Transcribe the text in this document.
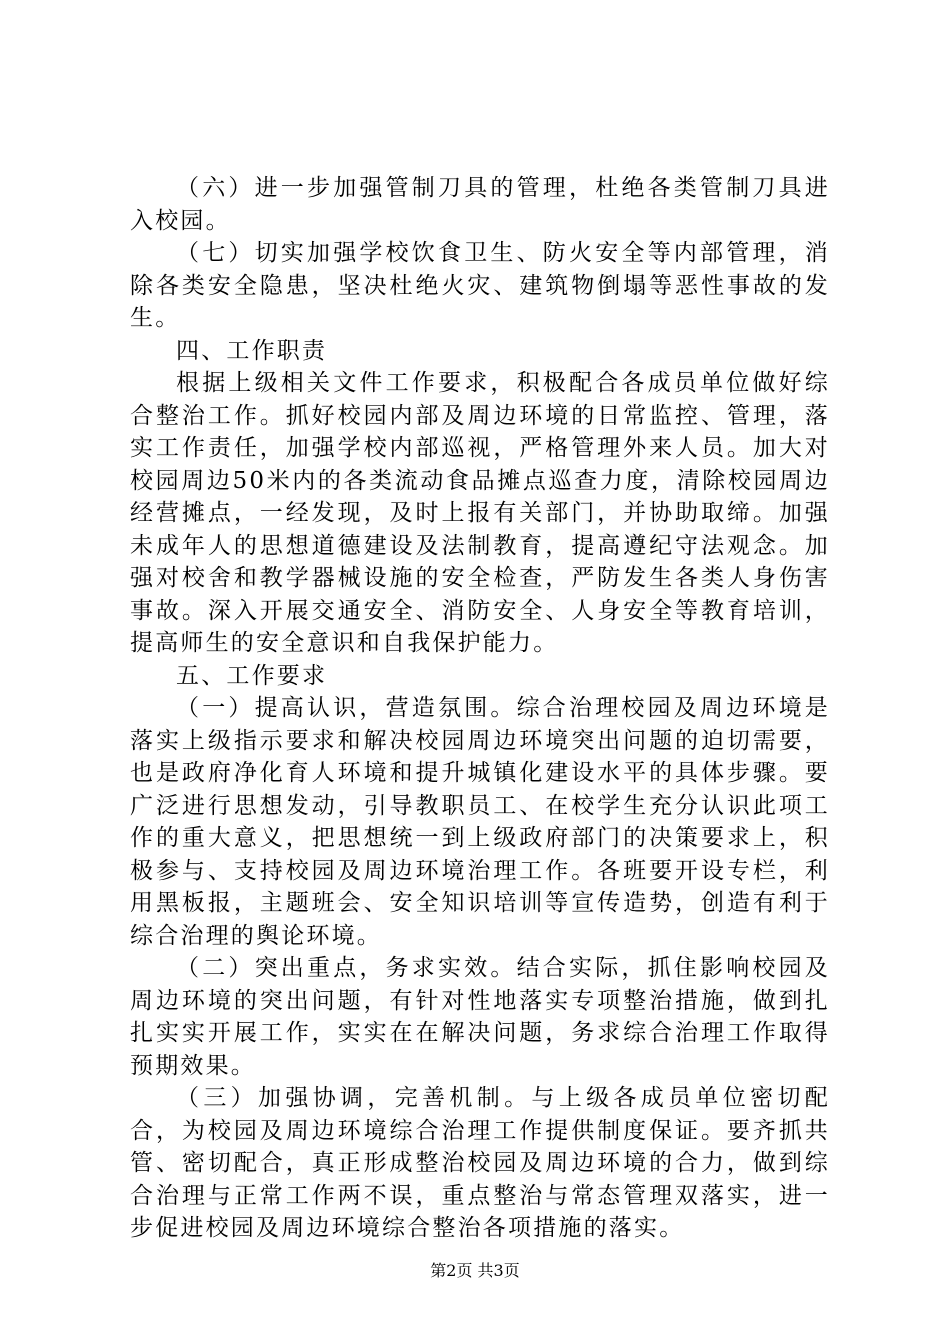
（六）进一步加强管制刀具的管理，杜绝各类管制刀具进入校园。

（七）切实加强学校饮食卫生、防火安全等内部管理，消除各类安全隐患，坚决杜绝火灾、建筑物倒塌等恶性事故的发生。

四、工作职责

根据上级相关文件工作要求，积极配合各成员单位做好综合整治工作。抓好校园内部及周边环境的日常监控、管理，落实工作责任，加强学校内部巡视，严格管理外来人员。加大对校园周边50米内的各类流动食品摊点巡查力度，清除校园周边经营摊点，一经发现，及时上报有关部门，并协助取缔。加强未成年人的思想道德建设及法制教育，提高遵纪守法观念。加强对校舍和教学器械设施的安全检查，严防发生各类人身伤害事故。深入开展交通安全、消防安全、人身安全等教育培训，提高师生的安全意识和自我保护能力。

五、工作要求

（一）提高认识，营造氛围。综合治理校园及周边环境是落实上级指示要求和解决校园周边环境突出问题的迫切需要，也是政府净化育人环境和提升城镇化建设水平的具体步骤。要广泛进行思想发动，引导教职员工、在校学生充分认识此项工作的重大意义，把思想统一到上级政府部门的决策要求上，积极参与、支持校园及周边环境治理工作。各班要开设专栏，利用黑板报，主题班会、安全知识培训等宣传造势，创造有利于综合治理的舆论环境。

（二）突出重点，务求实效。结合实际，抓住影响校园及周边环境的突出问题，有针对性地落实专项整治措施，做到扎扎实实开展工作，实实在在解决问题，务求综合治理工作取得预期效果。

（三）加强协调，完善机制。与上级各成员单位密切配合，为校园及周边环境综合治理工作提供制度保证。要齐抓共管、密切配合，真正形成整治校园及周边环境的合力，做到综合治理与正常工作两不误，重点整治与常态管理双落实，进一步促进校园及周边环境综合整治各项措施的落实。

第2页 共3页
